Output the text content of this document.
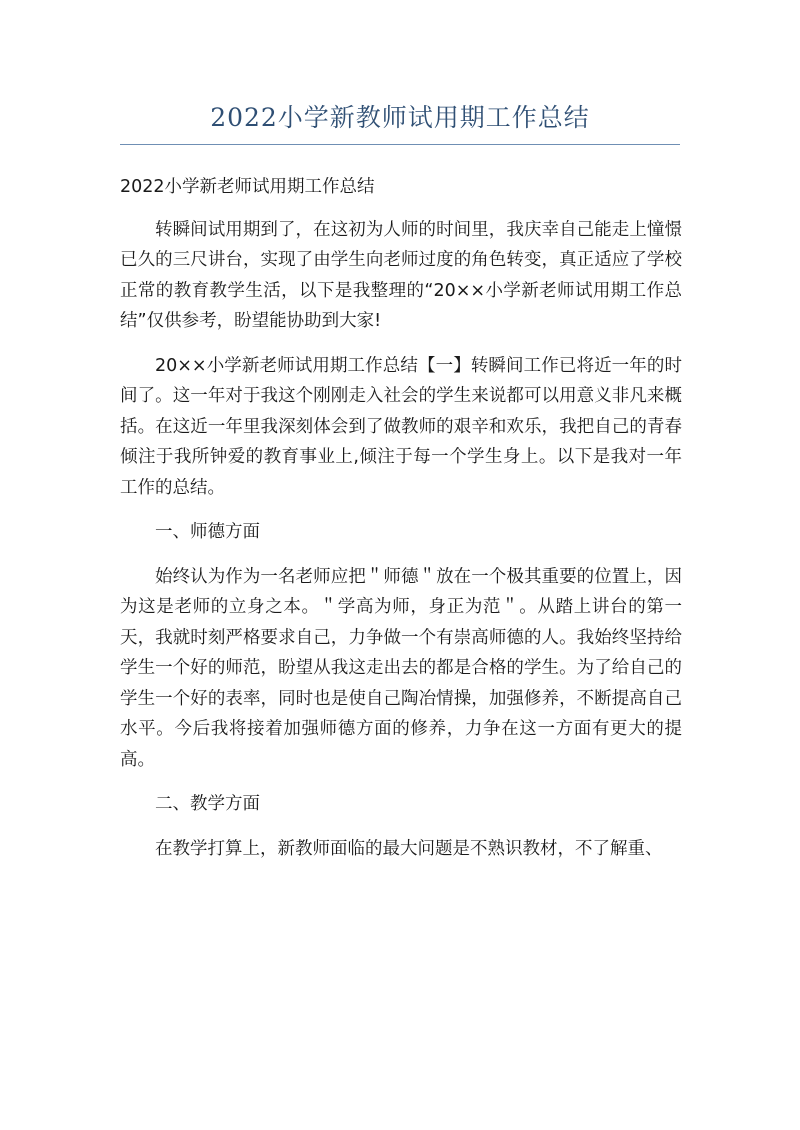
2022小学新教师试用期工作总结

2022小学新老师试用期工作总结

转瞬间试用期到了，在这初为人师的时间里，我庆幸自己能走上憧憬已久的三尺讲台，实现了由学生向老师过度的角色转变，真正适应了学校正常的教育教学生活，以下是我整理的“20××小学新老师试用期工作总结”仅供参考，盼望能协助到大家!

20××小学新老师试用期工作总结【一】转瞬间工作已将近一年的时间了。这一年对于我这个刚刚走入社会的学生来说都可以用意义非凡来概括。在这近一年里我深刻体会到了做教师的艰辛和欢乐，我把自己的青春倾注于我所钟爱的教育事业上,倾注于每一个学生身上。以下是我对一年工作的总结。

一、师德方面

始终认为作为一名老师应把＂师德＂放在一个极其重要的位置上，因为这是老师的立身之本。＂学高为师，身正为范＂。从踏上讲台的第一天，我就时刻严格要求自己，力争做一个有崇高师德的人。我始终坚持给学生一个好的师范，盼望从我这走出去的都是合格的学生。为了给自己的学生一个好的表率，同时也是使自己陶冶情操，加强修养，不断提高自己水平。今后我将接着加强师德方面的修养，力争在这一方面有更大的提高。

二、教学方面

在教学打算上，新教师面临的最大问题是不熟识教材，不了解重、
